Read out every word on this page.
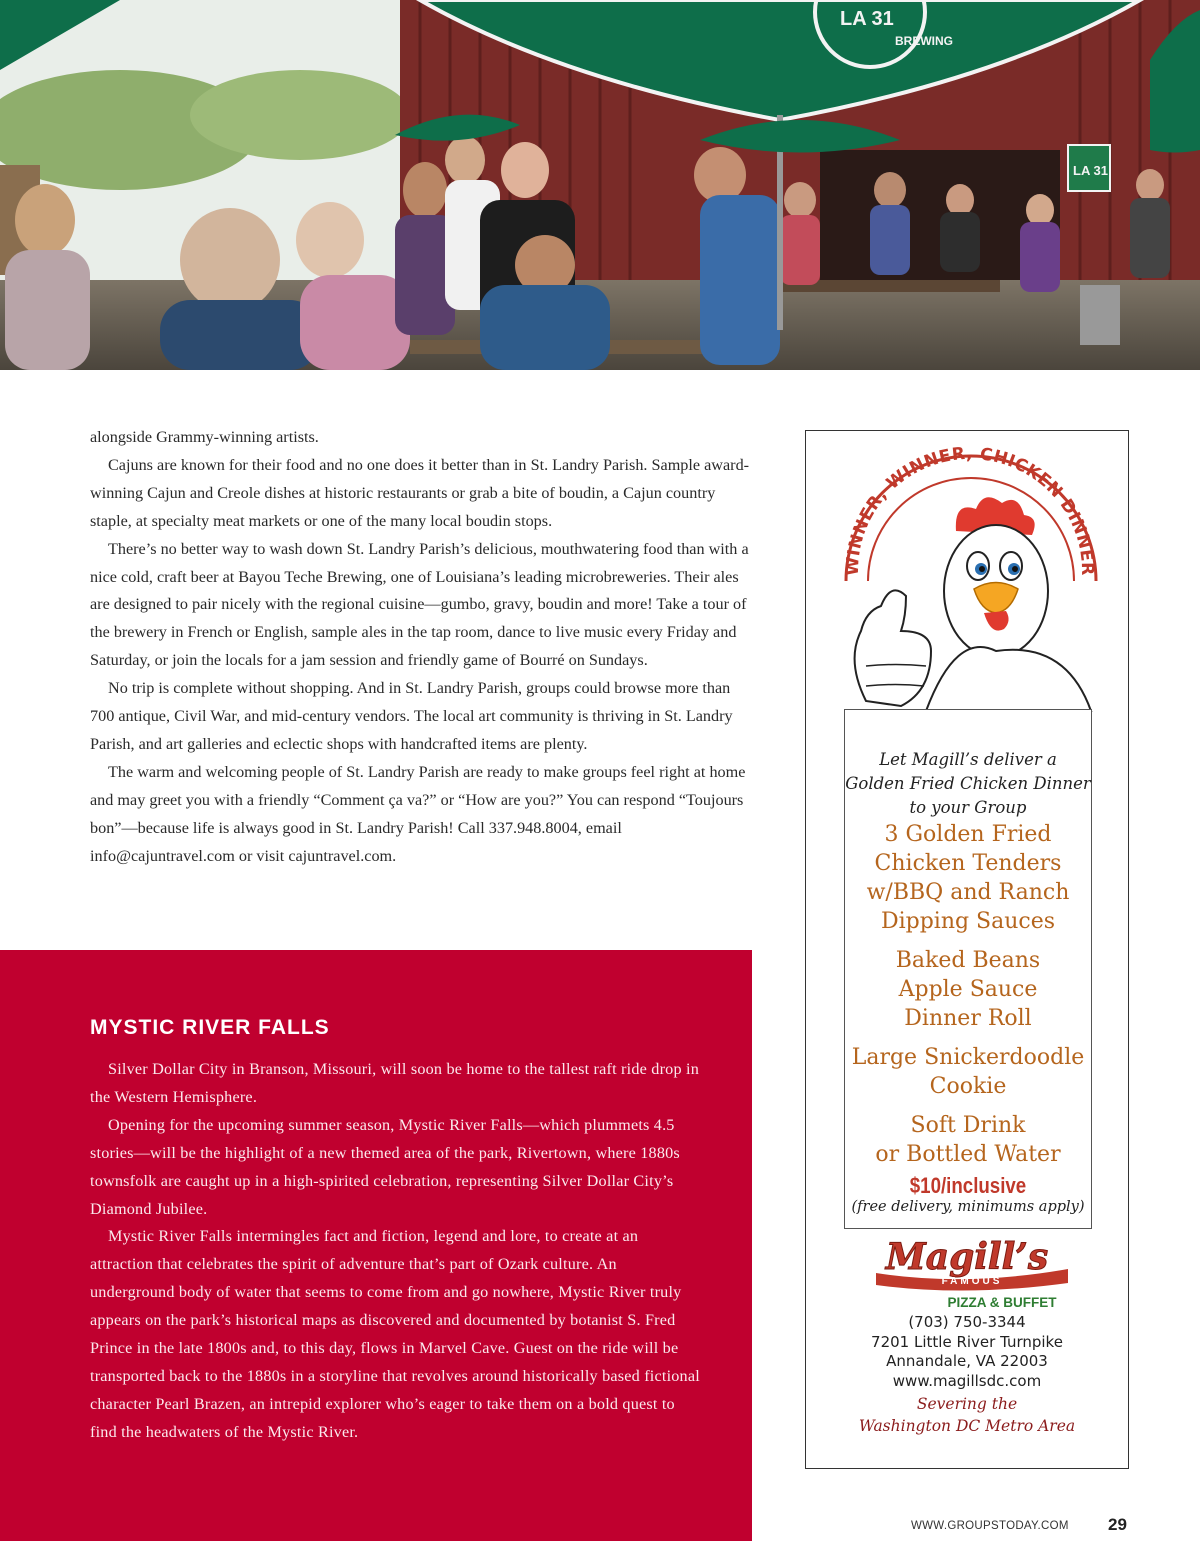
LA 31
BREWING
LA 31

alongside Grammy-winning artists.

Cajuns are known for their food and no one does it better than in St. Landry Parish. Sample award-winning Cajun and Creole dishes at historic restaurants or grab a bite of boudin, a Cajun country staple, at specialty meat markets or one of the many local boudin stops.

There’s no better way to wash down St. Landry Parish’s delicious, mouthwatering food than with a nice cold, craft beer at Bayou Teche Brewing, one of Louisiana’s leading microbreweries. Their ales are designed to pair nicely with the regional cuisine—gumbo, gravy, boudin and more! Take a tour of the brewery in French or English, sample ales in the tap room, dance to live music every Friday and Saturday, or join the locals for a jam session and friendly game of Bourré on Sundays.

No trip is complete without shopping. And in St. Landry Parish, groups could browse more than 700 antique, Civil War, and mid-century vendors. The local art community is thriving in St. Landry Parish, and art galleries and eclectic shops with handcrafted items are plenty.

The warm and welcoming people of St. Landry Parish are ready to make groups feel right at home and may greet you with a friendly “Comment ça va?” or “How are you?” You can respond “Toujours bon”—because life is always good in St. Landry Parish! Call 337.948.8004, email info@cajuntravel.com or visit cajuntravel.com.

MYSTIC RIVER FALLS

Silver Dollar City in Branson, Missouri, will soon be home to the tallest raft ride drop in the Western Hemisphere.

Opening for the upcoming summer season, Mystic River Falls—which plummets 4.5 stories—will be the highlight of a new themed area of the park, Rivertown, where 1880s townsfolk are caught up in a high-spirited celebration, representing Silver Dollar City’s Diamond Jubilee.

Mystic River Falls intermingles fact and fiction, legend and lore, to create at an attraction that celebrates the spirit of adventure that’s part of Ozark culture. An underground body of water that seems to come from and go nowhere, Mystic River truly appears on the park’s historical maps as discovered and documented by botanist S. Fred Prince in the late 1800s and, to this day, flows in Marvel Cave. Guest on the ride will be transported back to the 1880s in a storyline that revolves around historically based fictional character Pearl Brazen, an intrepid explorer who’s eager to take them on a bold quest to find the headwaters of the Mystic River.

WINNER, WINNER, CHICKEN DINNER
Let Magill’s deliver a
Golden Fried Chicken Dinner
to your Group
3 Golden Fried
Chicken Tenders
w/BBQ and Ranch
Dipping Sauces
Baked Beans
Apple Sauce
Dinner Roll
Large Snickerdoodle
Cookie
Soft Drink
or Bottled Water
$10/inclusive
(free delivery, minimums apply)
Magill’s
FAMOUS
PIZZA & BUFFET
(703) 750-3344
7201 Little River Turnpike
Annandale, VA 22003
www.magillsdc.com
Severing the
Washington DC Metro Area
WWW.GROUPSTODAY.COM 29
